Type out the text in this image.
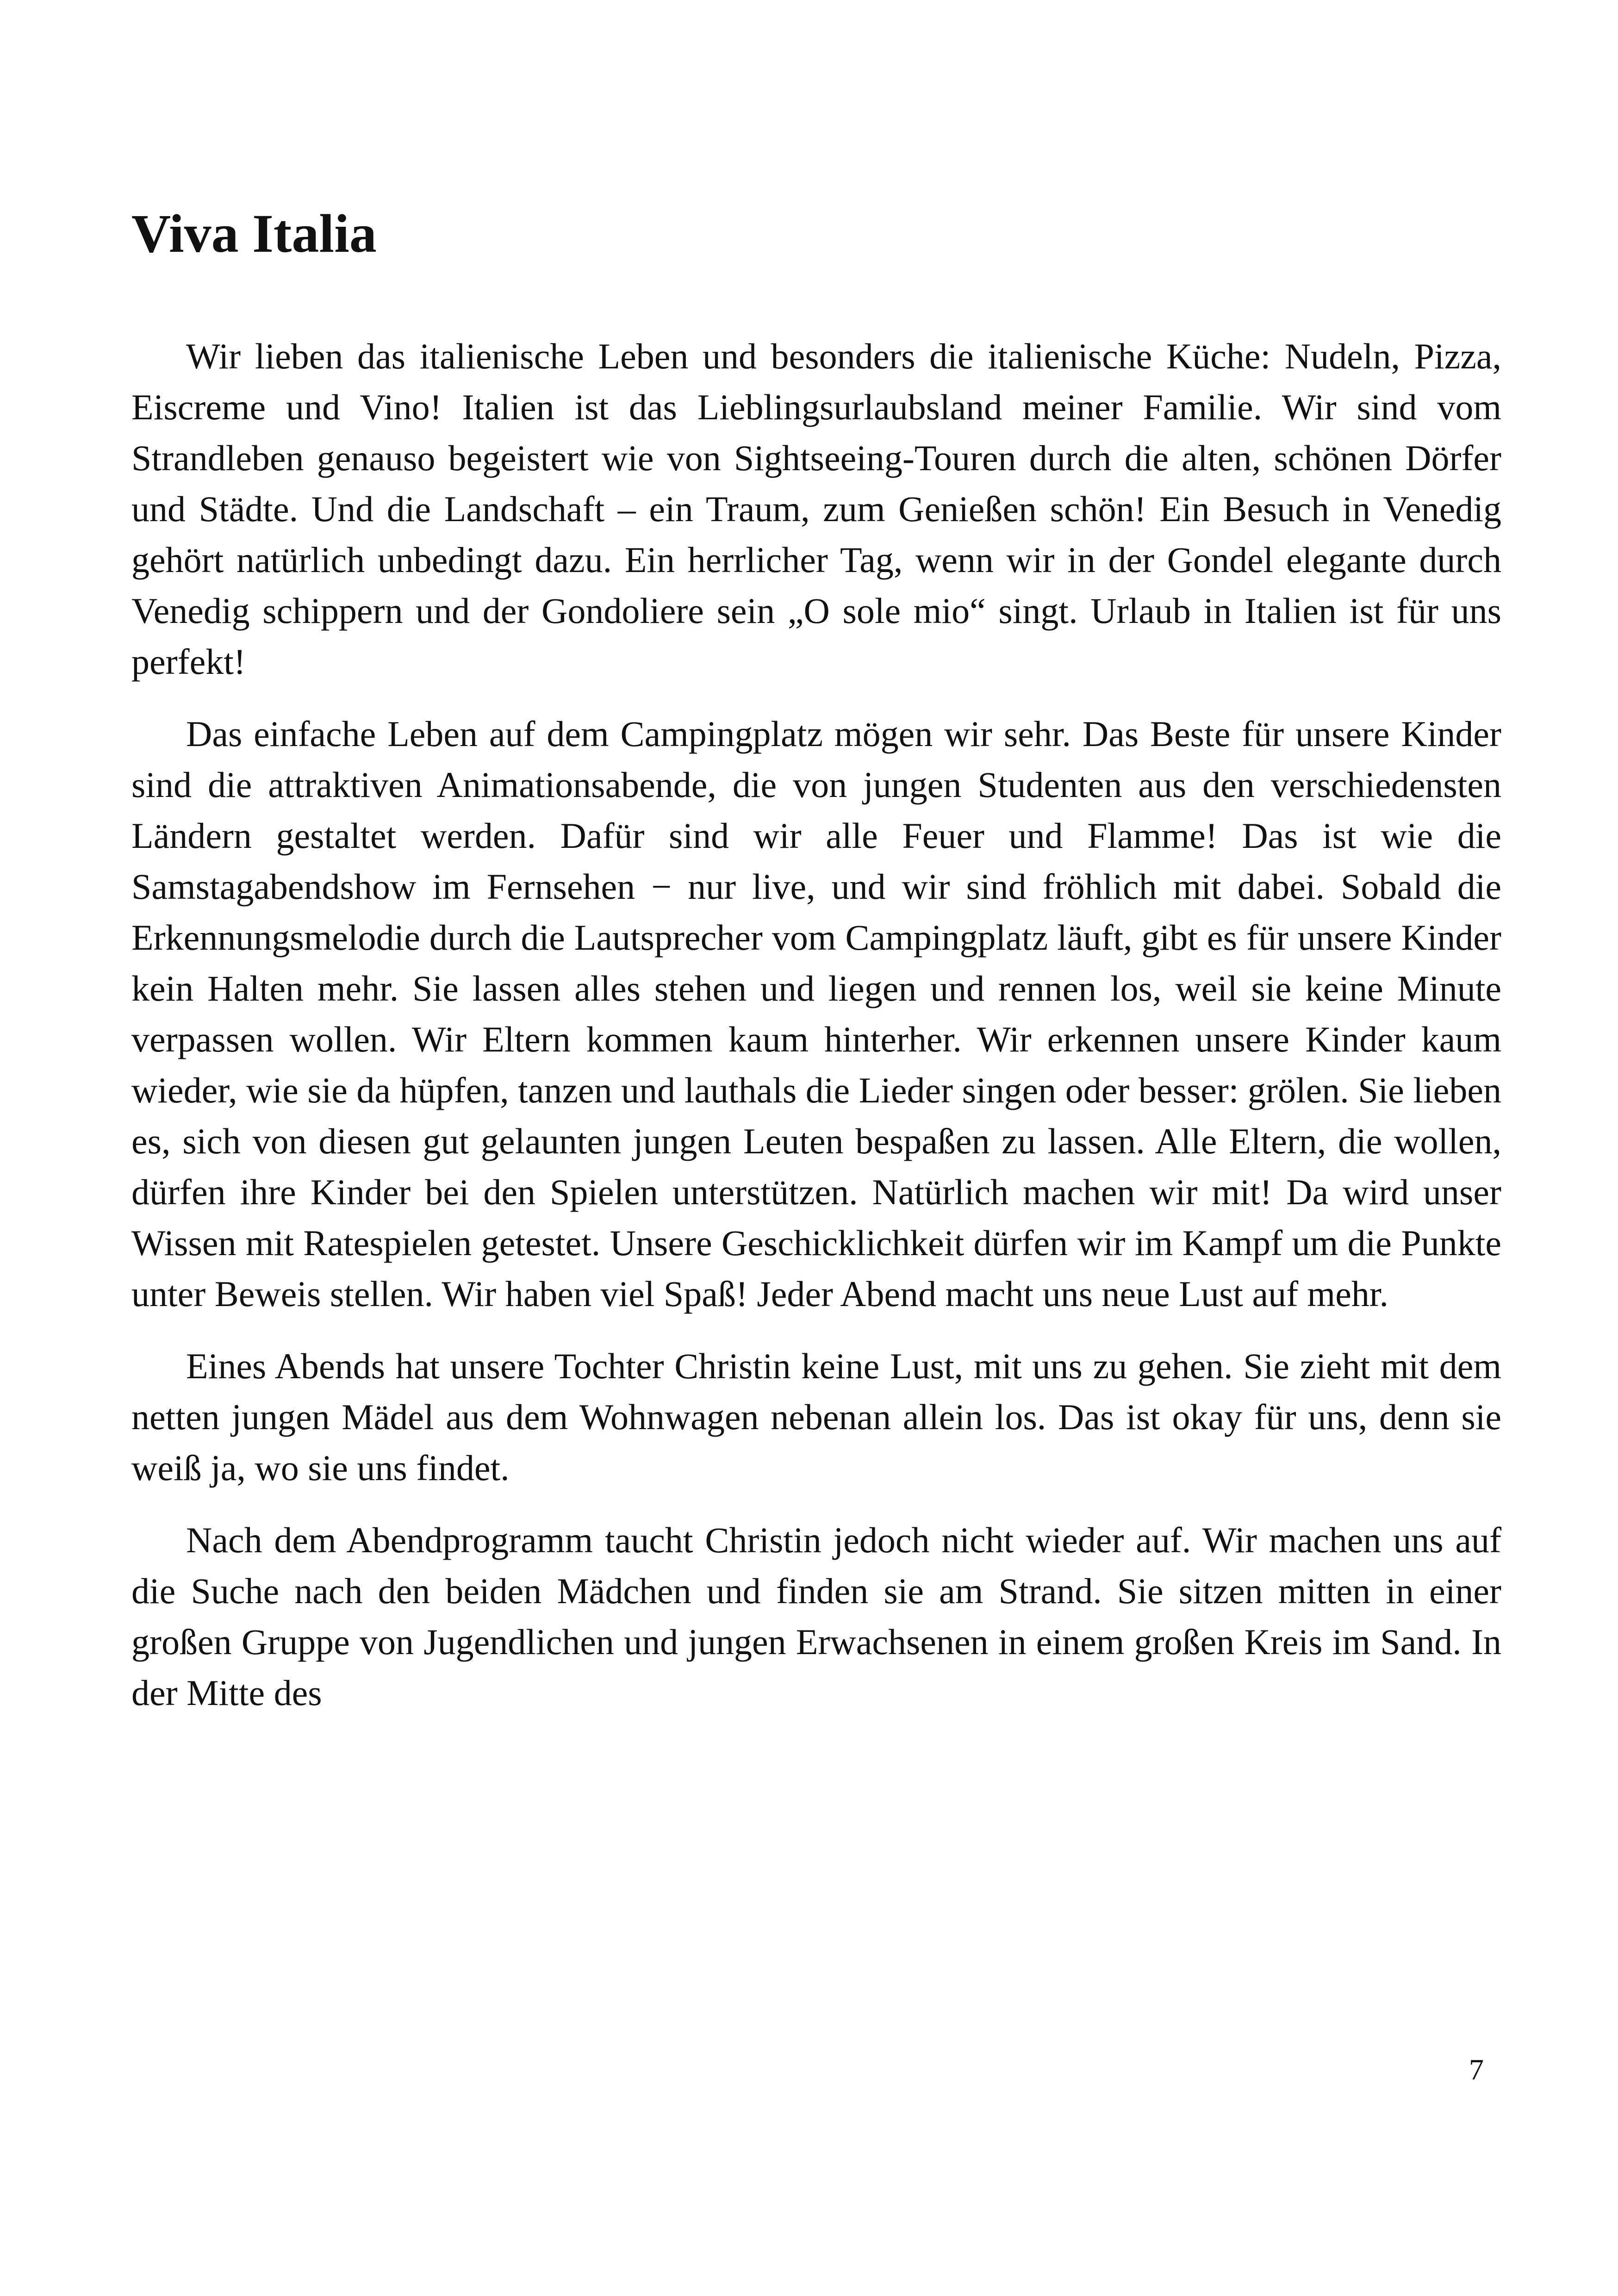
Viva Italia

Wir lieben das italienische Leben und besonders die italienische Küche: Nudeln, Pizza, Eiscreme und Vino! Italien ist das Lieblingsurlaubsland meiner Familie. Wir sind vom Strandleben genauso begeistert wie von Sightseeing-Touren durch die alten, schönen Dörfer und Städte. Und die Landschaft – ein Traum, zum Genießen schön! Ein Besuch in Venedig gehört natürlich unbedingt dazu. Ein herrlicher Tag, wenn wir in der Gondel elegante durch Venedig schippern und der Gondoliere sein „O sole mio“ singt. Urlaub in Italien ist für uns perfekt!

Das einfache Leben auf dem Campingplatz mögen wir sehr. Das Beste für unsere Kinder sind die attraktiven Animationsabende, die von jungen Studenten aus den verschiedensten Ländern gestaltet werden. Dafür sind wir alle Feuer und Flamme! Das ist wie die Samstagabendshow im Fernsehen − nur live, und wir sind fröhlich mit dabei. Sobald die Erkennungsmelodie durch die Lautsprecher vom Campingplatz läuft, gibt es für unsere Kinder kein Halten mehr. Sie lassen alles stehen und liegen und rennen los, weil sie keine Minute verpassen wollen. Wir Eltern kommen kaum hinterher. Wir erkennen unsere Kinder kaum wieder, wie sie da hüpfen, tanzen und lauthals die Lieder singen oder besser: grölen. Sie lieben es, sich von diesen gut gelaunten jungen Leuten bespaßen zu lassen. Alle Eltern, die wollen, dürfen ihre Kinder bei den Spielen unterstützen. Natürlich machen wir mit! Da wird unser Wissen mit Ratespielen getestet. Unsere Geschicklichkeit dürfen wir im Kampf um die Punkte unter Beweis stellen. Wir haben viel Spaß! Jeder Abend macht uns neue Lust auf mehr.

Eines Abends hat unsere Tochter Christin keine Lust, mit uns zu gehen. Sie zieht mit dem netten jungen Mädel aus dem Wohnwagen nebenan allein los. Das ist okay für uns, denn sie weiß ja, wo sie uns findet.

Nach dem Abendprogramm taucht Christin jedoch nicht wieder auf. Wir machen uns auf die Suche nach den beiden Mädchen und finden sie am Strand. Sie sitzen mitten in einer großen Gruppe von Jugendlichen und jungen Erwachsenen in einem großen Kreis im Sand. In der Mitte des

7
